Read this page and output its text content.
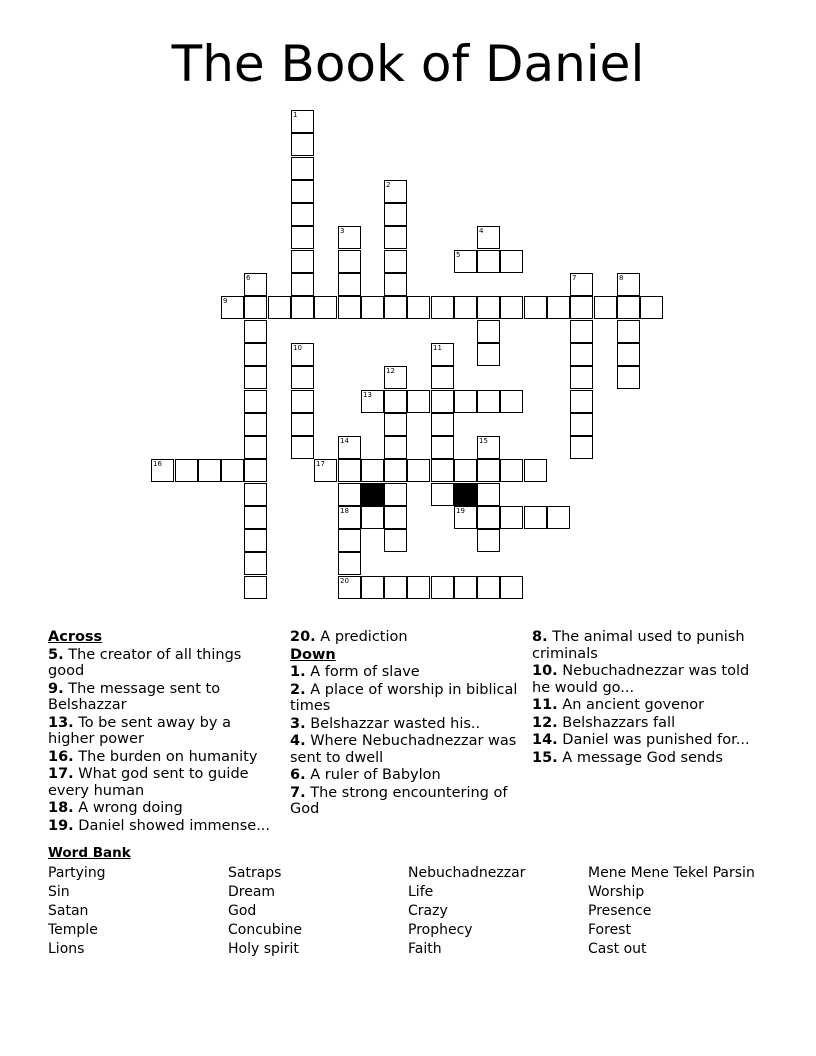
The Book of Daniel
1
2
3	4
5
6	7	8
9
10	11
12
13
14	15
16	17
18	19
20
Across
5. The creator of all things good
9. The message sent to Belshazzar
13. To be sent away by a higher power
16. The burden on humanity
17. What god sent to guide every human
18. A wrong doing
19. Daniel showed immense...
20. A prediction
Down
1. A form of slave
2. A place of worship in biblical times
3. Belshazzar wasted his..
4. Where Nebuchadnezzar was sent to dwell
6. A ruler of Babylon
7. The strong encountering of God
8. The animal used to punish criminals
10. Nebuchadnezzar was told he would go...
11. An ancient govenor
12. Belshazzars fall
14. Daniel was punished for...
15. A message God sends
Word Bank
Partying
Sin
Satan
Temple
Lions
Satraps
Dream
God
Concubine
Holy spirit
Nebuchadnezzar
Life
Crazy
Prophecy
Faith
Mene Mene Tekel Parsin
Worship
Presence
Forest
Cast out
